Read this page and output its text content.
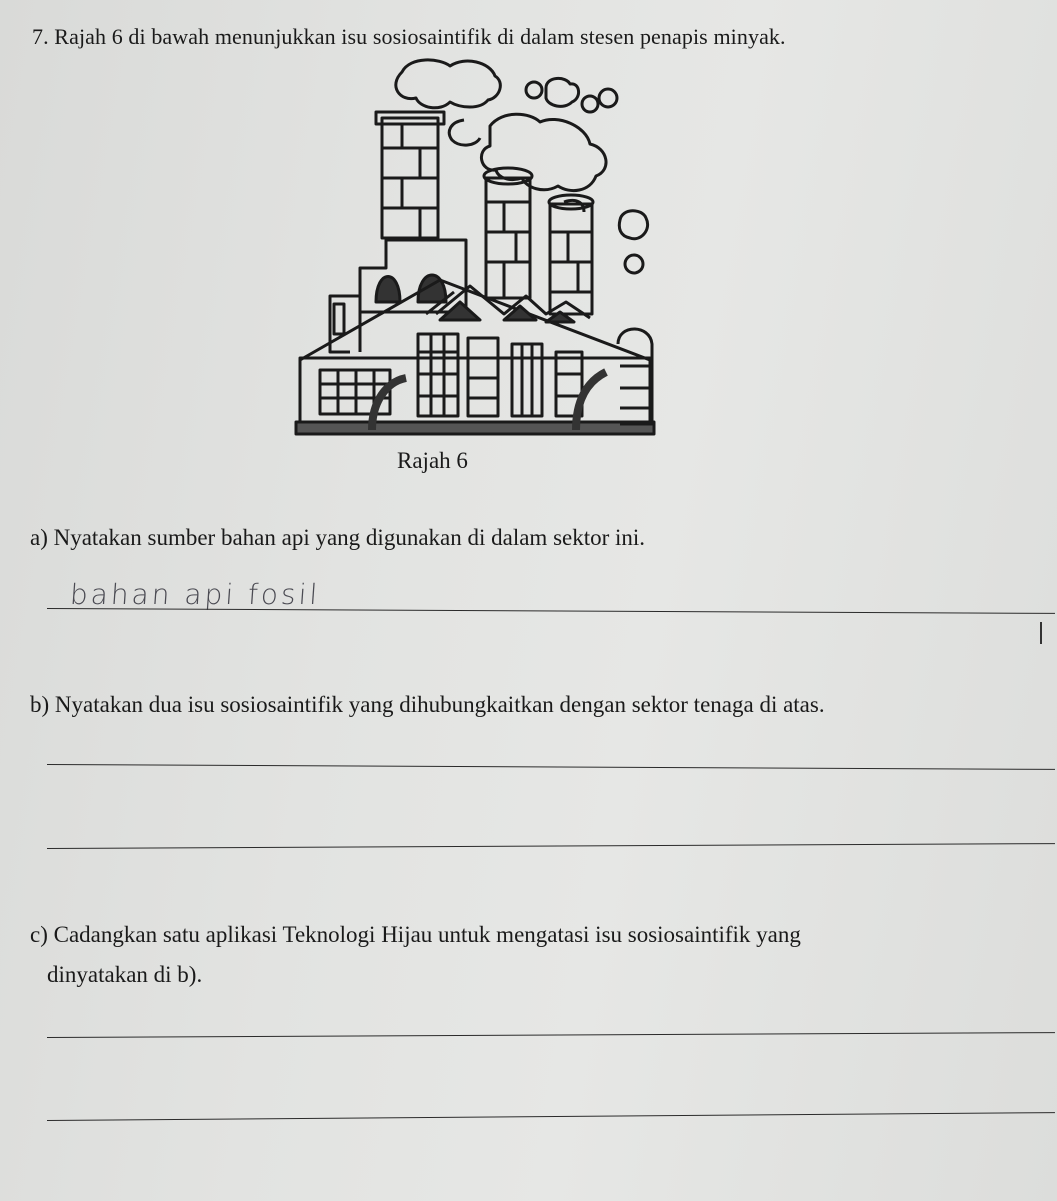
7. Rajah 6 di bawah menunjukkan isu sosiosaintifik di dalam stesen penapis minyak.
Rajah 6
a) Nyatakan sumber bahan api yang digunakan di dalam sektor ini.
bahan api fosil
b) Nyatakan dua isu sosiosaintifik yang dihubungkaitkan dengan sektor tenaga di atas.
c) Cadangkan satu aplikasi Teknologi Hijau untuk mengatasi isu sosiosaintifik yang
dinyatakan di b).
